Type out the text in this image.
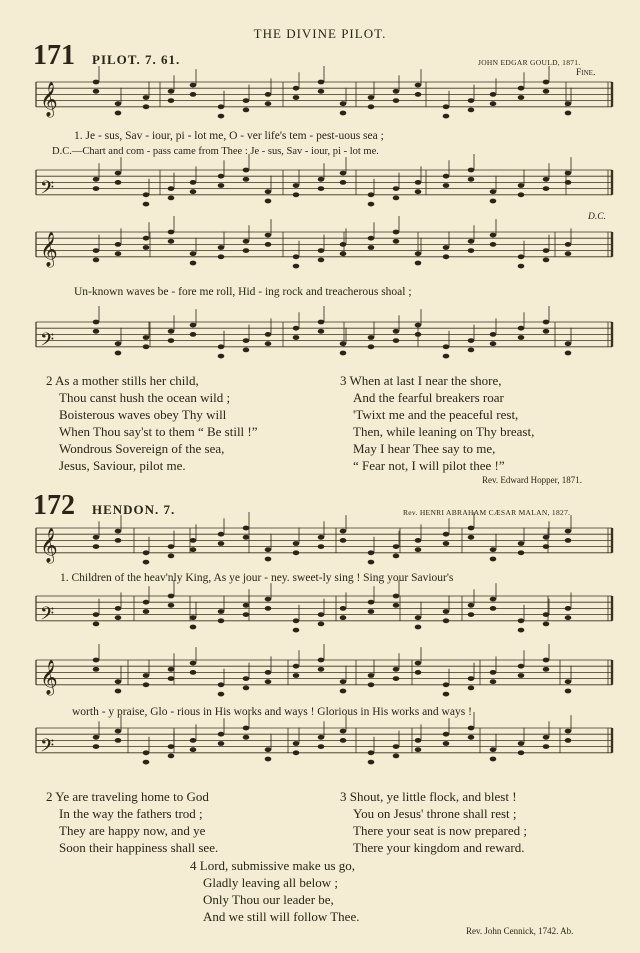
THE DIVINE PILOT.
171 PILOT. 7. 61.	JOHN EDGAR GOULD, 1871.
Fine.
D.C.
𝄞
𝄢
𝄞
𝄢
𝄞
𝄢
𝄞
𝄢
1. Je - sus, Sav - iour, pi - lot me, O - ver life's tem - pest-uous sea ;
D.C.—Chart and com - pass came from Thee : Je - sus, Sav - iour, pi - lot me.
Un-known waves be - fore me roll, Hid - ing rock and treacherous shoal ;
2 As a mother stills her child,
Thou canst hush the ocean wild ;
Boisterous waves obey Thy will
When Thou say'st to them “ Be still !”
Wondrous Sovereign of the sea,
Jesus, Saviour, pilot me.
3 When at last I near the shore,
And the fearful breakers roar
'Twixt me and the peaceful rest,
Then, while leaning on Thy breast,
May I hear Thee say to me,
“ Fear not, I will pilot thee !”
Rev. Edward Hopper, 1871.
172 HENDON. 7.	Rev. HENRI ABRAHAM CÆSAR MALAN, 1827.
1. Children of the heav'nly King, As ye jour - ney. sweet-ly sing ! Sing your Saviour's
worth - y praise, Glo - rious in His works and ways ! Glorious in His works and ways !
2 Ye are traveling home to God
In the way the fathers trod ;
They are happy now, and ye
Soon their happiness shall see.
3 Shout, ye little flock, and blest !
You on Jesus' throne shall rest ;
There your seat is now prepared ;
There your kingdom and reward.
4 Lord, submissive make us go,
Gladly leaving all below ;
Only Thou our leader be,
And we still will follow Thee.
Rev. John Cennick, 1742. Ab.
